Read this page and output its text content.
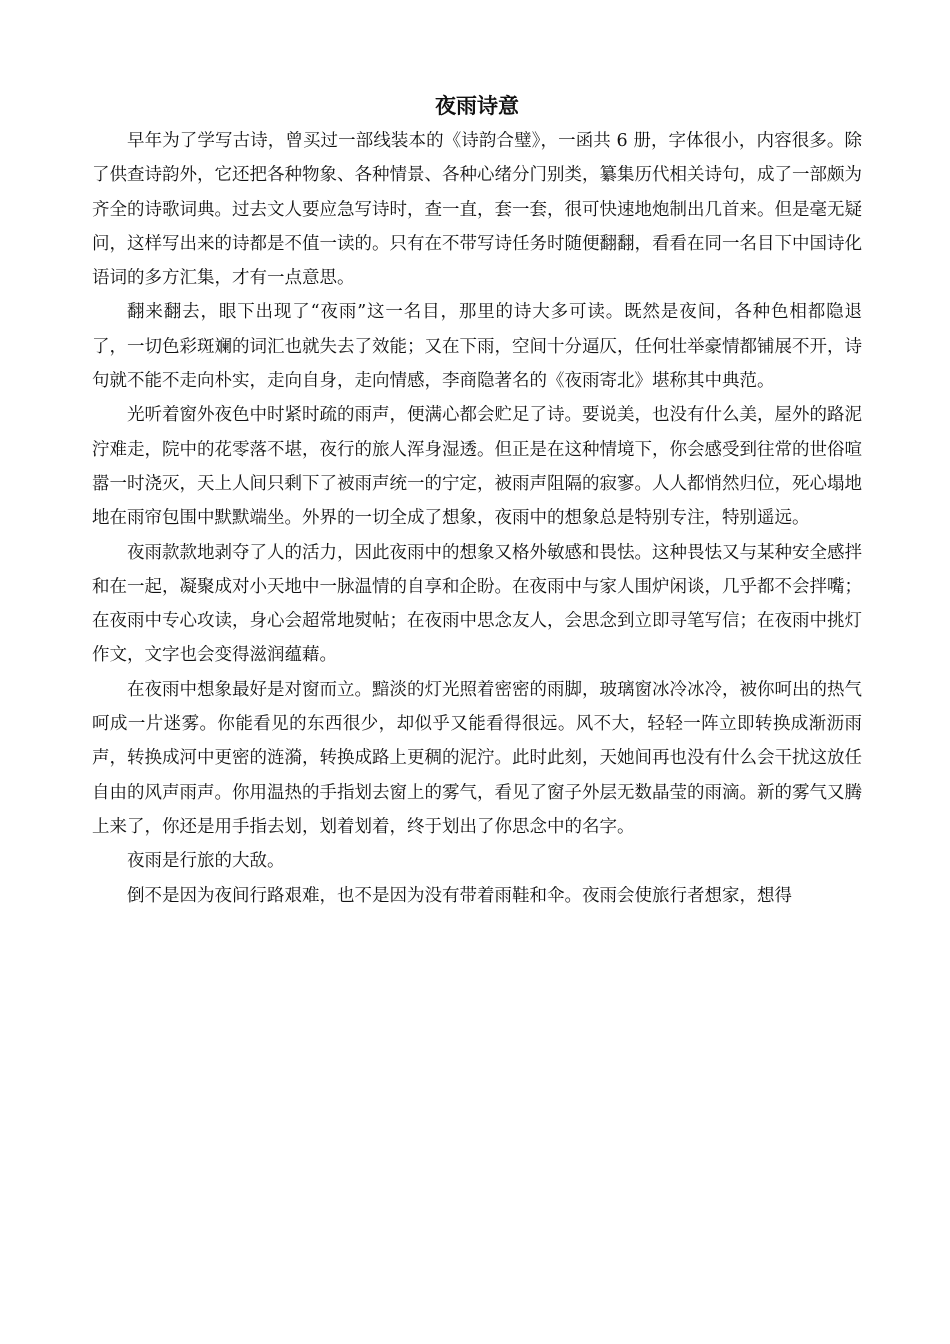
夜雨诗意

早年为了学写古诗，曾买过一部线装本的《诗韵合璧》，一函共 6 册，字体很小，内容很多。除了供查诗韵外，它还把各种物象、各种情景、各种心绪分门别类，纂集历代相关诗句，成了一部颇为齐全的诗歌词典。过去文人要应急写诗时，查一直，套一套，很可快速地炮制出几首来。但是毫无疑问，这样写出来的诗都是不值一读的。只有在不带写诗任务时随便翻翻，看看在同一名目下中国诗化语词的多方汇集，才有一点意思。

翻来翻去，眼下出现了“夜雨”这一名目，那里的诗大多可读。既然是夜间，各种色相都隐退了，一切色彩斑斓的词汇也就失去了效能；又在下雨，空间十分逼仄，任何壮举豪情都铺展不开，诗句就不能不走向朴实，走向自身，走向情感，李商隐著名的《夜雨寄北》堪称其中典范。

光听着窗外夜色中时紧时疏的雨声，便满心都会贮足了诗。要说美，也没有什么美，屋外的路泥泞难走，院中的花零落不堪，夜行的旅人浑身湿透。但正是在这种情境下，你会感受到往常的世俗喧嚣一时浇灭，天上人间只剩下了被雨声统一的宁定，被雨声阻隔的寂寥。人人都悄然归位，死心塌地地在雨帘包围中默默端坐。外界的一切全成了想象，夜雨中的想象总是特别专注，特别遥远。

夜雨款款地剥夺了人的活力，因此夜雨中的想象又格外敏感和畏怯。这种畏怯又与某种安全感拌和在一起，凝聚成对小天地中一脉温情的自享和企盼。在夜雨中与家人围炉闲谈，几乎都不会拌嘴；在夜雨中专心攻读，身心会超常地熨帖；在夜雨中思念友人，会思念到立即寻笔写信；在夜雨中挑灯作文，文字也会变得滋润蕴藉。

在夜雨中想象最好是对窗而立。黯淡的灯光照着密密的雨脚，玻璃窗冰冷冰冷，被你呵出的热气呵成一片迷雾。你能看见的东西很少，却似乎又能看得很远。风不大，轻轻一阵立即转换成渐沥雨声，转换成河中更密的涟漪，转换成路上更稠的泥泞。此时此刻，天她间再也没有什么会干扰这放任自由的风声雨声。你用温热的手指划去窗上的雾气，看见了窗子外层无数晶莹的雨滴。新的雾气又腾上来了，你还是用手指去划，划着划着，终于划出了你思念中的名字。

夜雨是行旅的大敌。

倒不是因为夜间行路艰难，也不是因为没有带着雨鞋和伞。夜雨会使旅行者想家，想得
